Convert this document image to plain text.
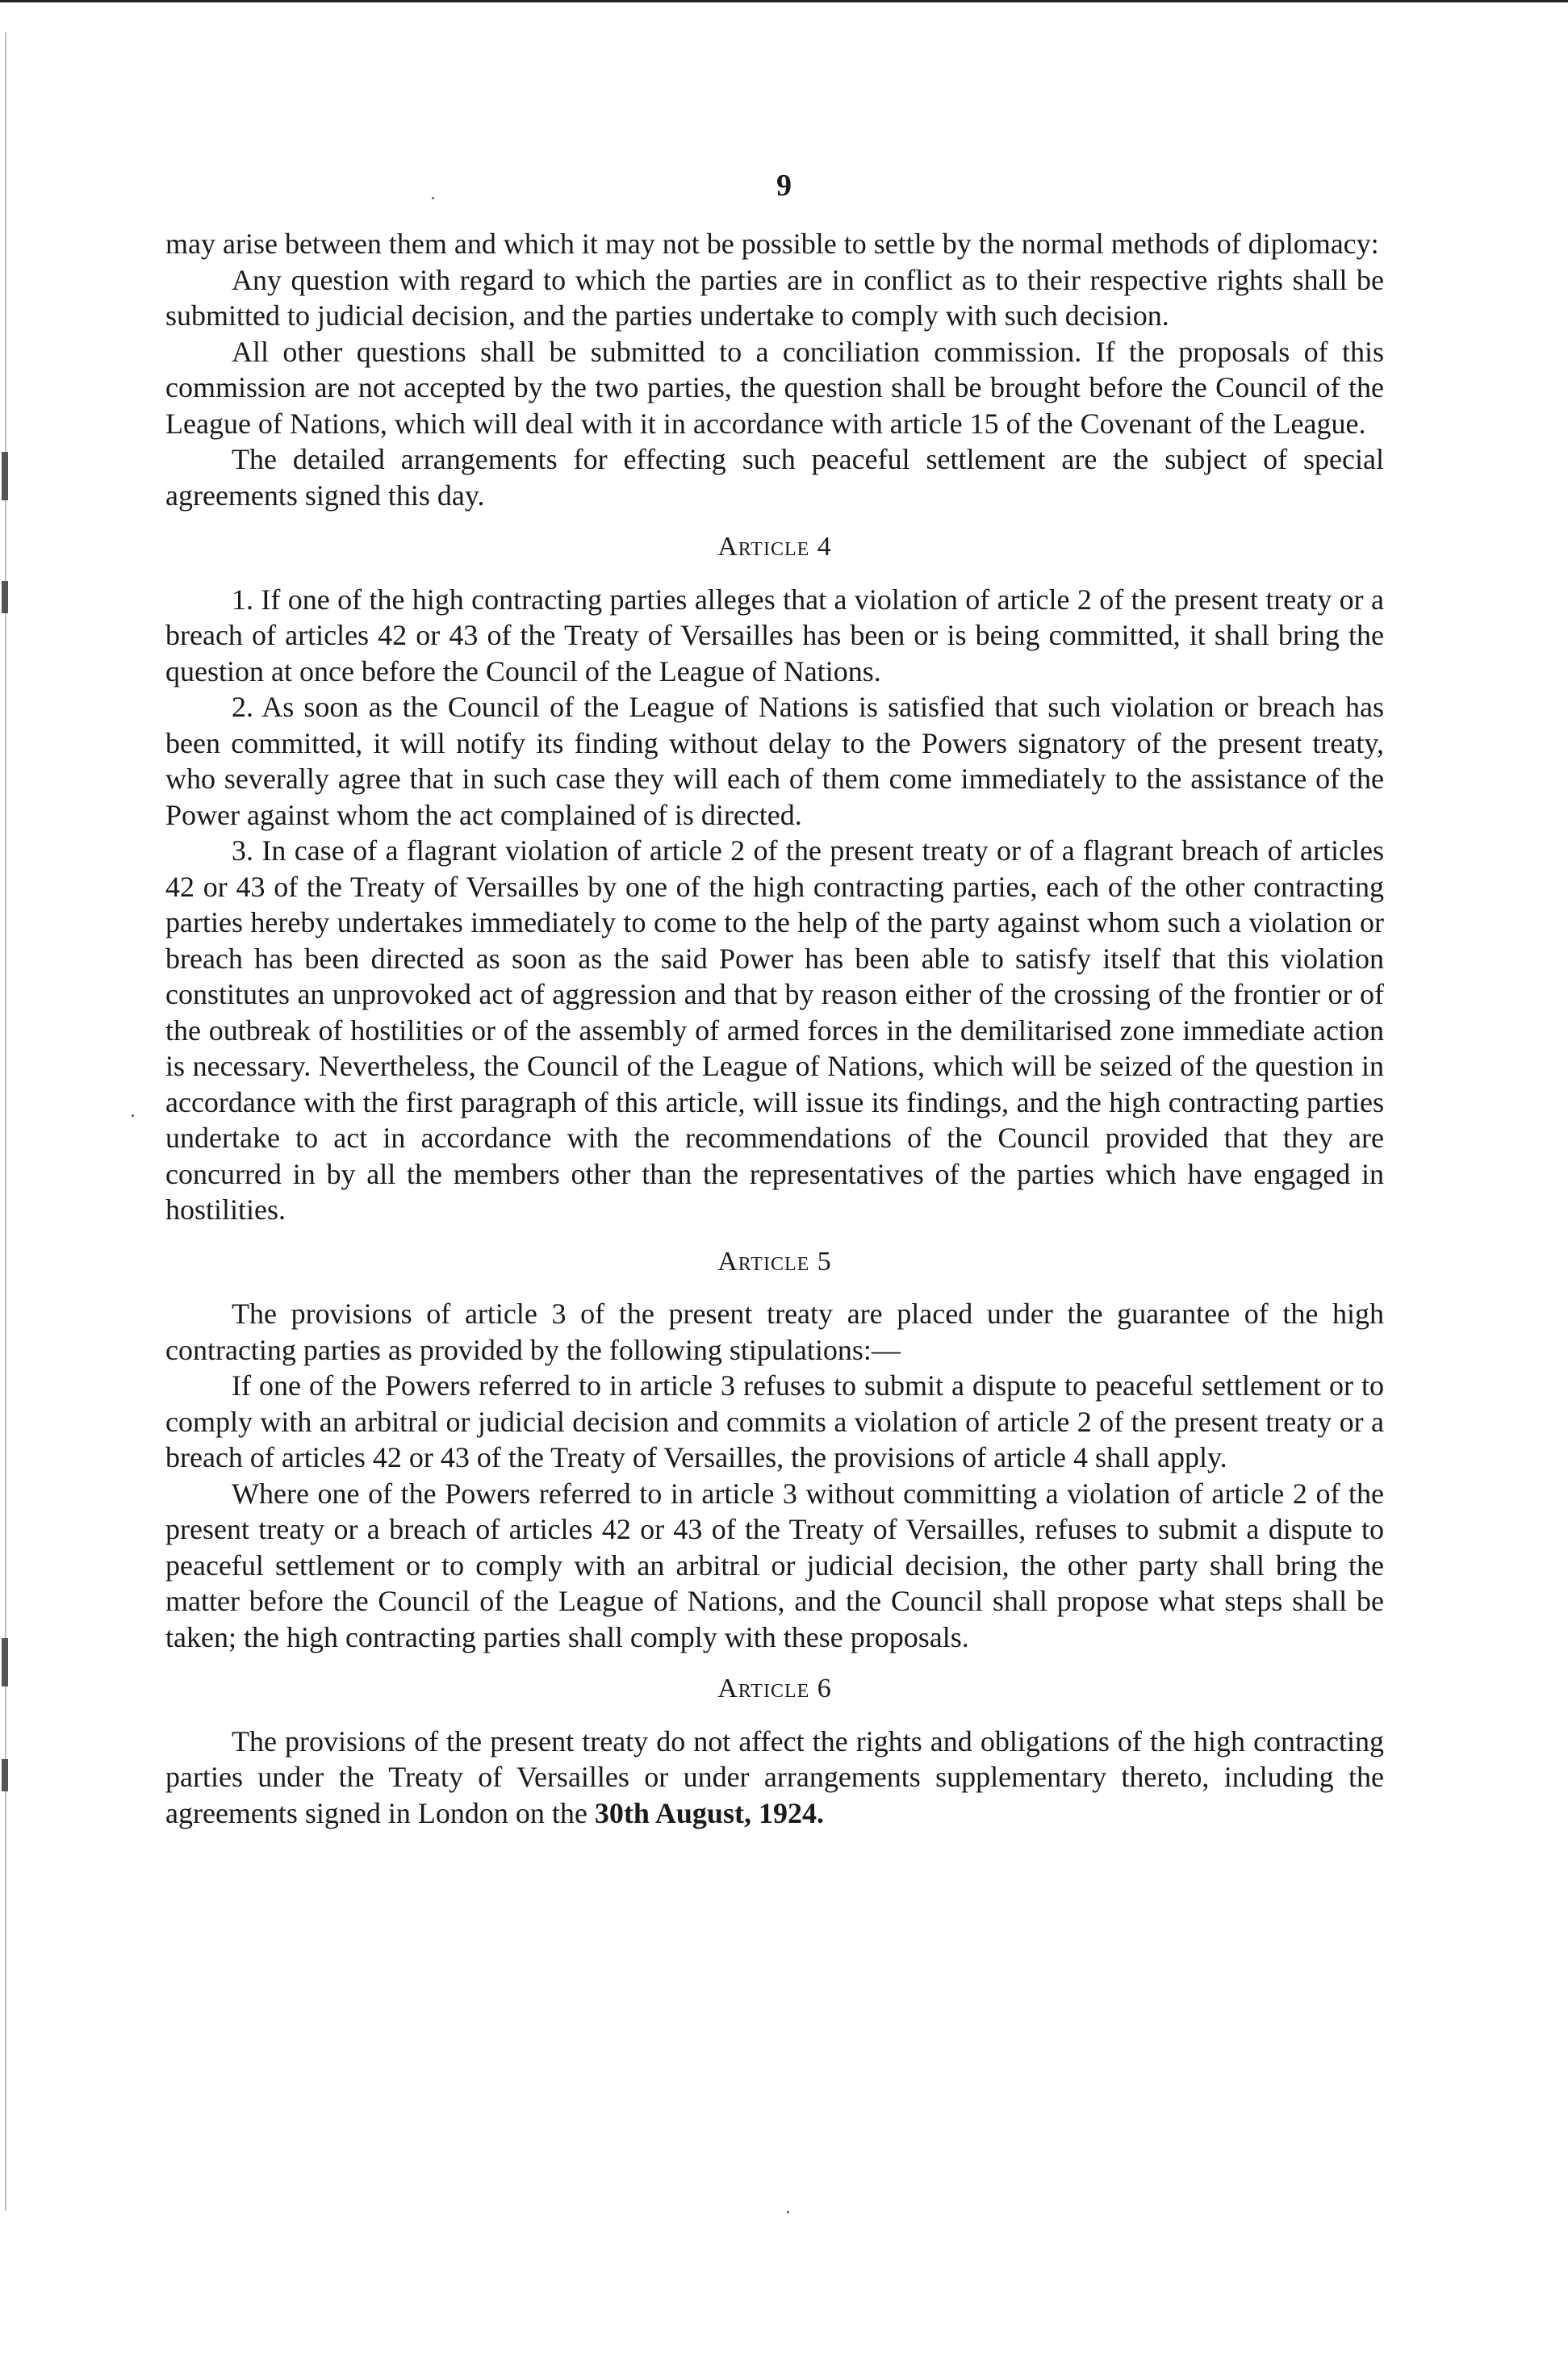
9

may arise between them and which it may not be possible to settle by the normal methods of diplomacy:

Any question with regard to which the parties are in conflict as to their respective rights shall be submitted to judicial decision, and the parties undertake to comply with such decision.

All other questions shall be submitted to a conciliation commission. If the proposals of this commission are not accepted by the two parties, the question shall be brought before the Council of the League of Nations, which will deal with it in accordance with article 15 of the Covenant of the League.

The detailed arrangements for effecting such peaceful settlement are the subject of special agreements signed this day.

Article 4

1. If one of the high contracting parties alleges that a violation of article 2 of the present treaty or a breach of articles 42 or 43 of the Treaty of Versailles has been or is being committed, it shall bring the question at once before the Council of the League of Nations.

2. As soon as the Council of the League of Nations is satisfied that such violation or breach has been committed, it will notify its finding without delay to the Powers signatory of the present treaty, who severally agree that in such case they will each of them come immediately to the assistance of the Power against whom the act complained of is directed.

3. In case of a flagrant violation of article 2 of the present treaty or of a flagrant breach of articles 42 or 43 of the Treaty of Versailles by one of the high contracting parties, each of the other contracting parties hereby undertakes immediately to come to the help of the party against whom such a violation or breach has been directed as soon as the said Power has been able to satisfy itself that this violation constitutes an unprovoked act of aggression and that by reason either of the crossing of the frontier or of the outbreak of hostilities or of the assembly of armed forces in the demilitarised zone immediate action is necessary. Nevertheless, the Council of the League of Nations, which will be seized of the question in accordance with the first paragraph of this article, will issue its findings, and the high contracting parties undertake to act in accordance with the recommendations of the Council provided that they are concurred in by all the members other than the representatives of the parties which have engaged in hostilities.

Article 5

The provisions of article 3 of the present treaty are placed under the guarantee of the high contracting parties as provided by the following stipulations:—

If one of the Powers referred to in article 3 refuses to submit a dispute to peaceful settlement or to comply with an arbitral or judicial decision and commits a violation of article 2 of the present treaty or a breach of articles 42 or 43 of the Treaty of Versailles, the provisions of article 4 shall apply.

Where one of the Powers referred to in article 3 without committing a violation of article 2 of the present treaty or a breach of articles 42 or 43 of the Treaty of Versailles, refuses to submit a dispute to peaceful settlement or to comply with an arbitral or judicial decision, the other party shall bring the matter before the Council of the League of Nations, and the Council shall propose what steps shall be taken; the high contracting parties shall comply with these proposals.

Article 6

The provisions of the present treaty do not affect the rights and obligations of the high contracting parties under the Treaty of Versailles or under arrangements supplementary thereto, including the agreements signed in London on the 30th August, 1924.
